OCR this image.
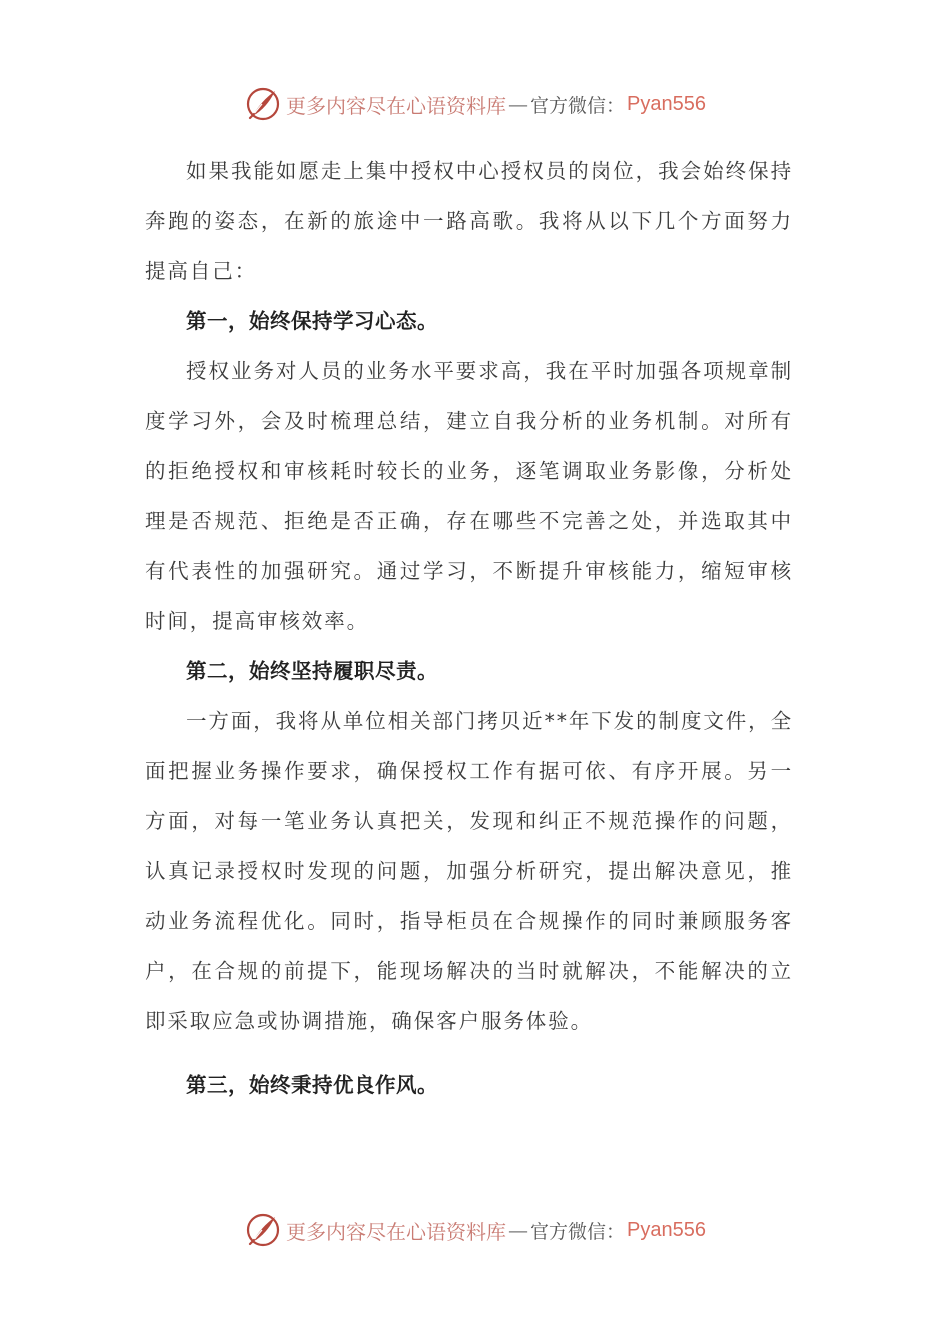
更多内容尽在心语资料库 — 官方微信： Pyan556

如果我能如愿走上集中授权中心授权员的岗位，我会始终保持奔跑的姿态，在新的旅途中一路高歌。我将从以下几个方面努力提高自己：

第一，始终保持学习心态。

授权业务对人员的业务水平要求高，我在平时加强各项规章制度学习外，会及时梳理总结，建立自我分析的业务机制。对所有的拒绝授权和审核耗时较长的业务，逐笔调取业务影像，分析处理是否规范、拒绝是否正确，存在哪些不完善之处，并选取其中有代表性的加强研究。通过学习，不断提升审核能力，缩短审核时间，提高审核效率。

第二，始终坚持履职尽责。

一方面，我将从单位相关部门拷贝近**年下发的制度文件，全面把握业务操作要求，确保授权工作有据可依、有序开展。另一方面，对每一笔业务认真把关，发现和纠正不规范操作的问题，认真记录授权时发现的问题，加强分析研究，提出解决意见，推动业务流程优化。同时，指导柜员在合规操作的同时兼顾服务客户，在合规的前提下，能现场解决的当时就解决，不能解决的立即采取应急或协调措施，确保客户服务体验。

第三，始终秉持优良作风。

更多内容尽在心语资料库 — 官方微信： Pyan556
